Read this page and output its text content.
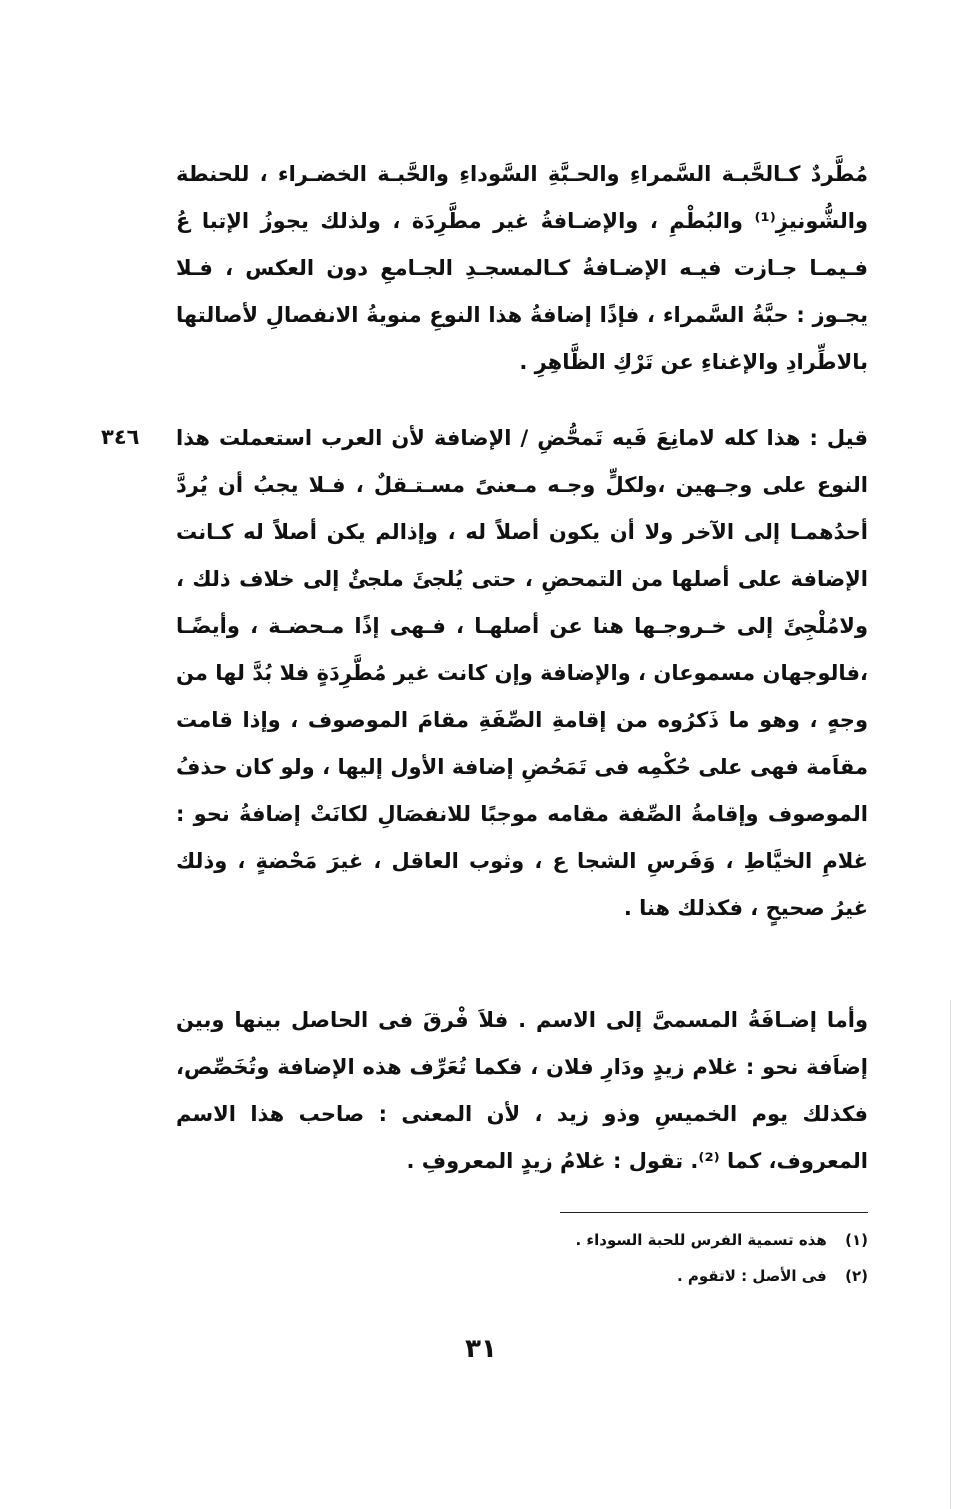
مُطَّردٌ كـالحَّبـة السَّمراءِ والحـبَّةِ السَّوداءِ والحَّبـة الخضـراء ، للحنطة والشُّونيزِ⁽¹⁾ والبُطْمِ ، والإضـافةُ غير مطَّرِدَة ، ولذلك يجوزُ الإتبا عُ فـيمـا جـازت فيـه الإضـافةُ كـالمسجـدِ الجـامعِ دون العكس ، فـلا يجـوز : حبَّةُ السَّمراء ، فإذًا إضافةُ هذا النوعِ منويةُ الانفصالِ لأصالتها بالاطِّرادِ والإغناءِ عن تَرْكِ الظَّاهِرِ .

٣٤٦ قيل : هذا كله لامانِعَ فَيه تَمحُّضِ / الإضافة لأن العرب استعملت هذا النوع على وجـهين ،ولكلٍّ وجـه مـعنىً مسـتـقلٌ ، فـلا يجبُ أن يُردَّ أحدُهمـا إلى الآخر ولا أن يكون أصلاً له ، وإذالم يكن أصلاً له كـانت الإضافة على أصلها من التمحضِ ، حتى يُلجئَ ملجئٌ إلى خلاف ذلك ، ولامُلْجِئَ إلى خـروجـها هنا عن أصلهـا ، فـهى إذًا مـحضـة ، وأيضًـا ،فالوجهان مسموعان ، والإضافة وإن كانت غير مُطَّرِدَةٍ فلا بُدَّ لها من وجهٍ ، وهو ما ذَكرُوه من إقامةِ الصِّفَةِ مقامَ الموصوف ، وإذا قامت مقاَمة فهى على حُكْمِه فى تَمَحُضِ إضافة الأول إليها ، ولو كان حذفُ الموصوف وإقامةُ الصِّفة مقامه موجبًا للانفصَالِ لكانَتْ إضافةُ نحو : غلامِ الخيَّاطِ ، وَفَرسِ الشجا ع ، وثوب العاقل ، غيرَ مَحْضةٍ ، وذلك غيرُ صحيحٍ ، فكذلك هنا .

وأما إضـافَةُ المسمىَّ إلى الاسم . فلاَ فْرقَ فى الحاصل بينها وبين إضاَفة نحو : غلام زيدٍ ودَارِ فلان ، فكما تُعَرِّف هذه الإضافة وتُخَصِّص، فكذلك يوم الخميسِ وذو زيد ، لأن المعنى : صاحب هذا الاسم المعروف، كما ⁽²⁾. تقول : غلامُ زيدٍ المعروفِ .

(١) هذه تسمية الفرس للحبة السوداء .
(٢) فى الأصل : لاتقوم .
٣١
